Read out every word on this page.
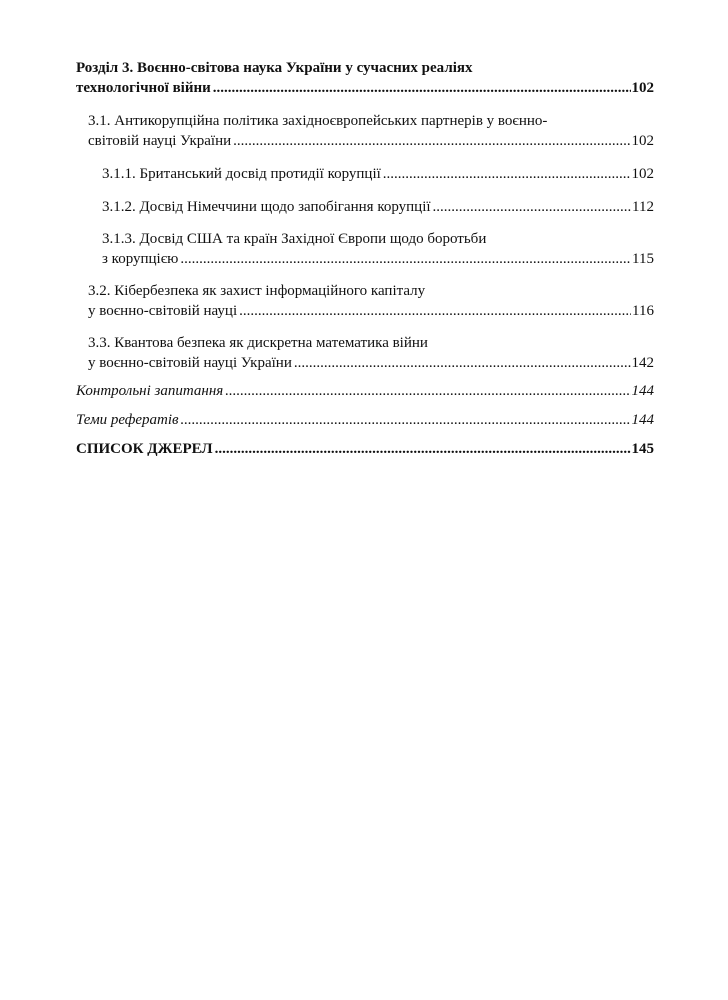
Розділ 3. Воєнно-світова наука України у сучасних реаліях
технологічної війни .....	102
3.1. Антикорупційна політика західноєвропейських партнерів у воєнно-
світовій науці України .....	102
3.1.1. Британський досвід протидії корупції .....	102
3.1.2. Досвід Німеччини щодо запобігання корупції .....	112
3.1.3. Досвід США та країн Західної Європи щодо боротьби
з корупцією .....	115
3.2. Кібербезпека як захист інформаційного капіталу
у воєнно-світовій науці .....	116
3.3. Квантова безпека як дискретна математика війни
у воєнно-світовій науці України .....	142
Контрольні запитання .....	144
Теми рефератів .....	144
СПИСОК ДЖЕРЕЛ .....	145
